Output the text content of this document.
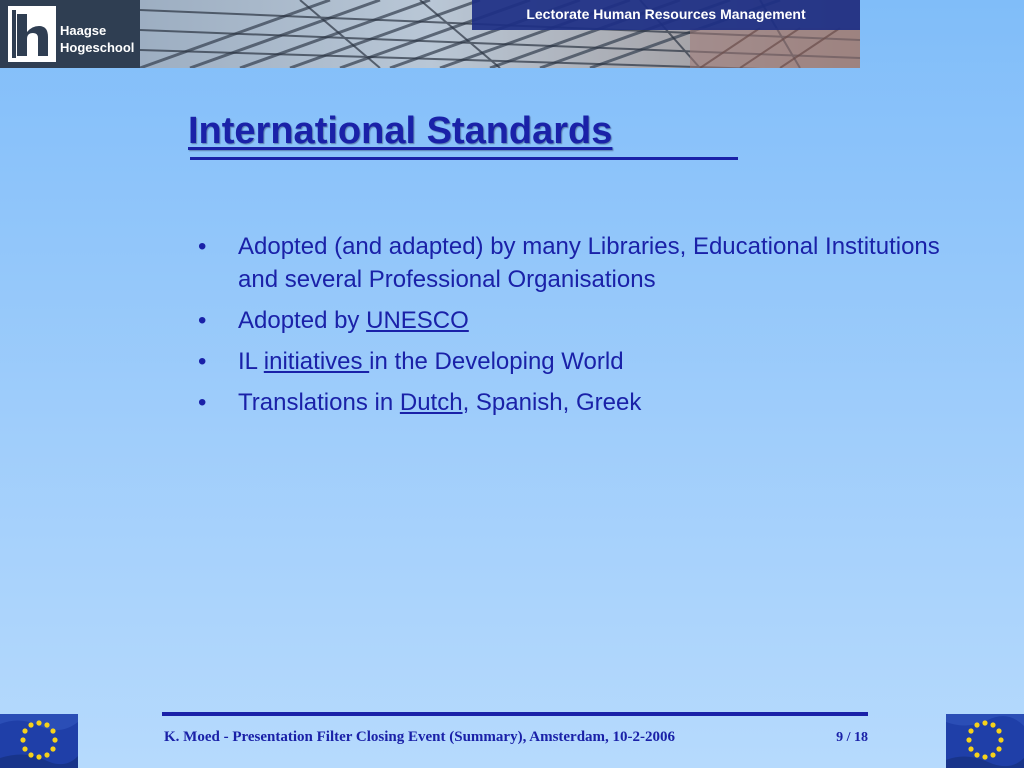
Haagse
Hogeschool
Lectorate Human Resources Management
International Standards
• Adopted (and adapted) by many Libraries, Educational Institutions and several Professional Organisations
• Adopted by UNESCO
• IL initiatives in the Developing World
• Translations in Dutch, Spanish, Greek
K. Moed - Presentation Filter Closing Event (Summary), Amsterdam, 10-2-2006	9 / 18
